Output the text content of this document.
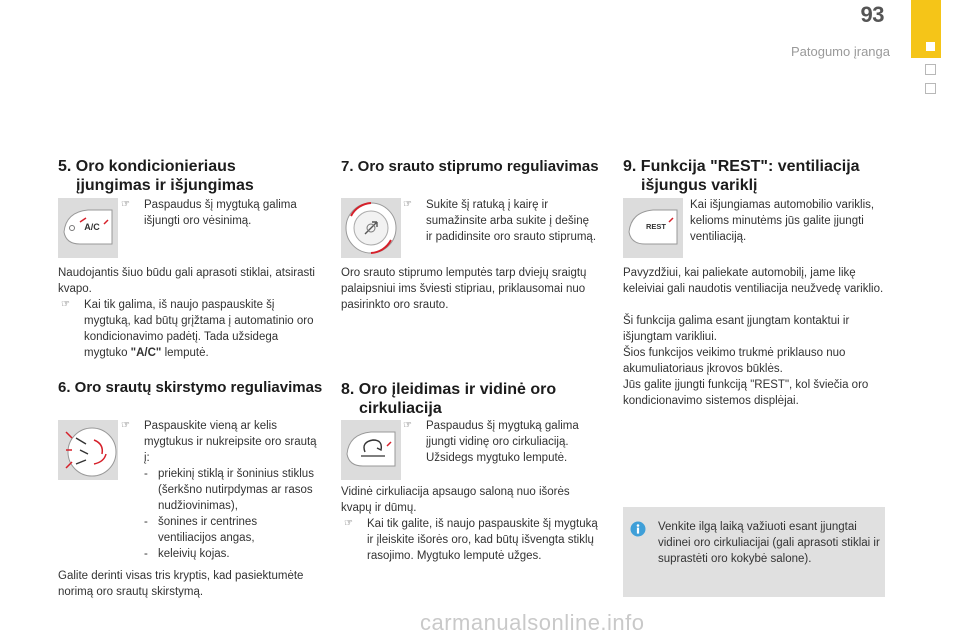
93
Patogumo įranga
5. Oro kondicionieriaus
įjungimas ir išjungimas
A/C
☞ Paspaudus šį mygtuką galima išjungti oro vėsinimą.
Naudojantis šiuo būdu gali aprasoti stiklai, atsirasti kvapo.
☞ Kai tik galima, iš naujo paspauskite šį mygtuką, kad būtų grįžtama į automatinio oro kondicionavimo padėtį. Tada užsidega mygtuko "A/C" lemputė.
6. Oro srautų skirstymo reguliavimas
☞ Paspauskite vieną ar kelis mygtukus ir nukreipsite oro srautą į:
- priekinį stiklą ir šoninius stiklus (šerkšno nutirpdymas ar rasos nudžiovinimas),
- šonines ir centrines ventiliacijos angas,
- keleivių kojas.
Galite derinti visas tris kryptis, kad pasiektumėte norimą oro srautų skirstymą.
7. Oro srauto stiprumo reguliavimas
☞ Sukite šį ratuką į kairę ir sumažinsite arba sukite į dešinę ir padidinsite oro srauto stiprumą.
Oro srauto stiprumo lemputės tarp dviejų sraigtų palaipsniui ims šviesti stipriau, priklausomai nuo pasirinkto oro srauto.
8. Oro įleidimas ir vidinė oro
cirkuliacija
☞ Paspaudus šį mygtuką galima įjungti vidinę oro cirkuliaciją. Užsidegs mygtuko lemputė.
Vidinė cirkuliacija apsaugo saloną nuo išorės kvapų ir dūmų.
☞ Kai tik galite, iš naujo paspauskite šį mygtuką ir įleiskite išorės oro, kad būtų išvengta stiklų rasojimo. Mygtuko lemputė užges.
9. Funkcija "REST": ventiliacija
išjungus variklį
REST
Kai išjungiamas automobilio variklis, kelioms minutėms jūs galite įjungti ventiliaciją.
Pavyzdžiui, kai paliekate automobilį, jame likę keleiviai gali naudotis ventiliacija neužvedę variklio.
Ši funkcija galima esant įjungtam kontaktui ir išjungtam varikliui.
Šios funkcijos veikimo trukmė priklauso nuo akumuliatoriaus įkrovos būklės.
Jūs galite įjungti funkciją "REST", kol šviečia oro kondicionavimo sistemos displėjai.
Venkite ilgą laiką važiuoti esant įjungtai vidinei oro cirkuliacijai (gali aprasoti stiklai ir suprastėti oro kokybė salone).
carmanualsonline.info
